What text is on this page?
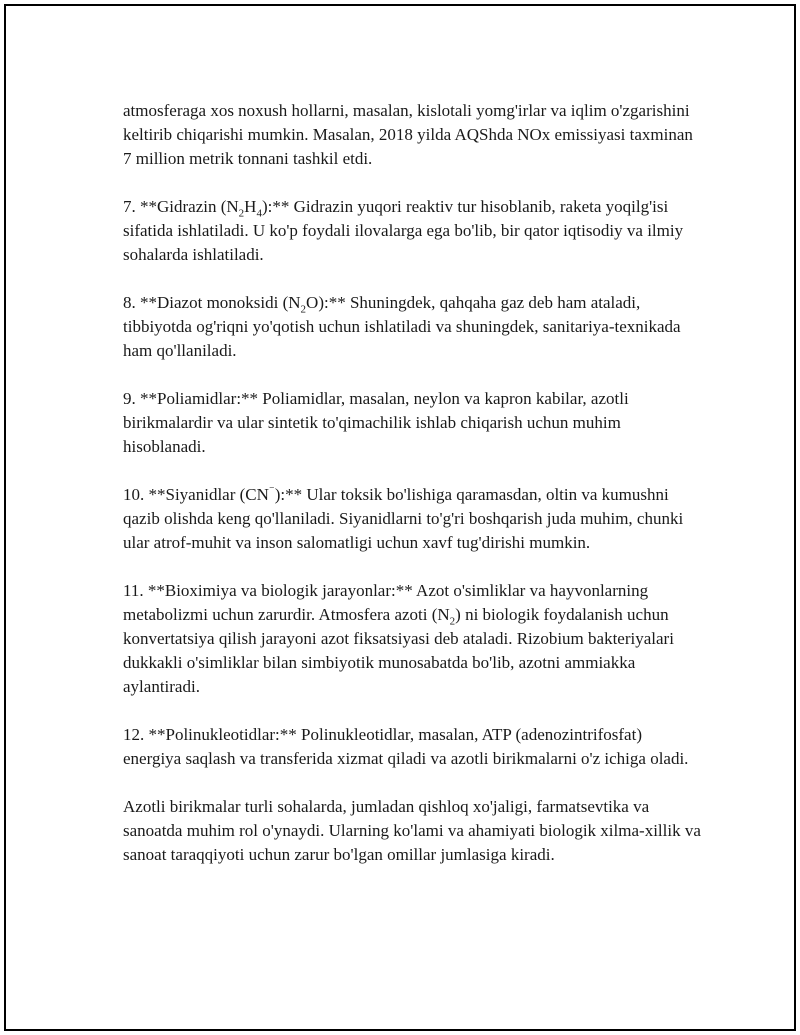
atmosferaga xos noxush hollarni, masalan, kislotali yomg'irlar va iqlim o'zgarishini keltirib chiqarishi mumkin. Masalan, 2018 yilda AQShda NOx emissiyasi taxminan 7 million metrik tonnani tashkil etdi.

7. **Gidrazin $(N_2H_4):**$ Gidrazin yuqori reaktiv tur hisoblanib, raketa yoqilg'isi sifatida ishlatiladi. U ko'p foydali ilovalarga ega bo'lib, bir qator iqtisodiy va ilmiy sohalarda ishlatiladi.

8. **Diazot monoksidi $(N_2O):**$ Shuningdek, qahqaha gaz deb ham ataladi, tibbiyotda og'riqni yo'qotish uchun ishlatiladi va shuningdek, sanitariya-texnikada ham qo'llaniladi.

9. **Poliamidlar:** Poliamidlar, masalan, neylon va kapron kabilar, azotli birikmalardir va ular sintetik to'qimachilik ishlab chiqarish uchun muhim hisoblanadi.

10. **Siyanidlar (CN⁻):** Ular toksik bo'lishiga qaramasdan, oltin va kumushni qazib olishda keng qo'llaniladi. Siyanidlarni to'g'ri boshqarish juda muhim, chunki ular atrof-muhit va inson salomatligi uchun xavf tug'dirishi mumkin.

11. **Bioximiya va biologik jarayonlar:** Azot o'simliklar va hayvonlarning metabolizmi uchun zarurdir. Atmosfera azoti $(N_2)$ ni biologik foydalanish uchun konvertatsiya qilish jarayoni azot fiksatsiyasi deb ataladi. Rizobium bakteriyalari dukkakli o'simliklar bilan simbiyotik munosabatda bo'lib, azotni ammiakka aylantiradi.

12. **Polinukleotidlar:** Polinukleotidlar, masalan, ATP (adenozintrifosfat) energiya saqlash va transferida xizmat qiladi va azotli birikmalarni o'z ichiga oladi.

Azotli birikmalar turli sohalarda, jumladan qishloq xo'jaligi, farmatsevtika va sanoatda muhim rol o'ynaydi. Ularning ko'lami va ahamiyati biologik xilma-xillik va sanoat taraqqiyoti uchun zarur bo'lgan omillar jumlasiga kiradi.
